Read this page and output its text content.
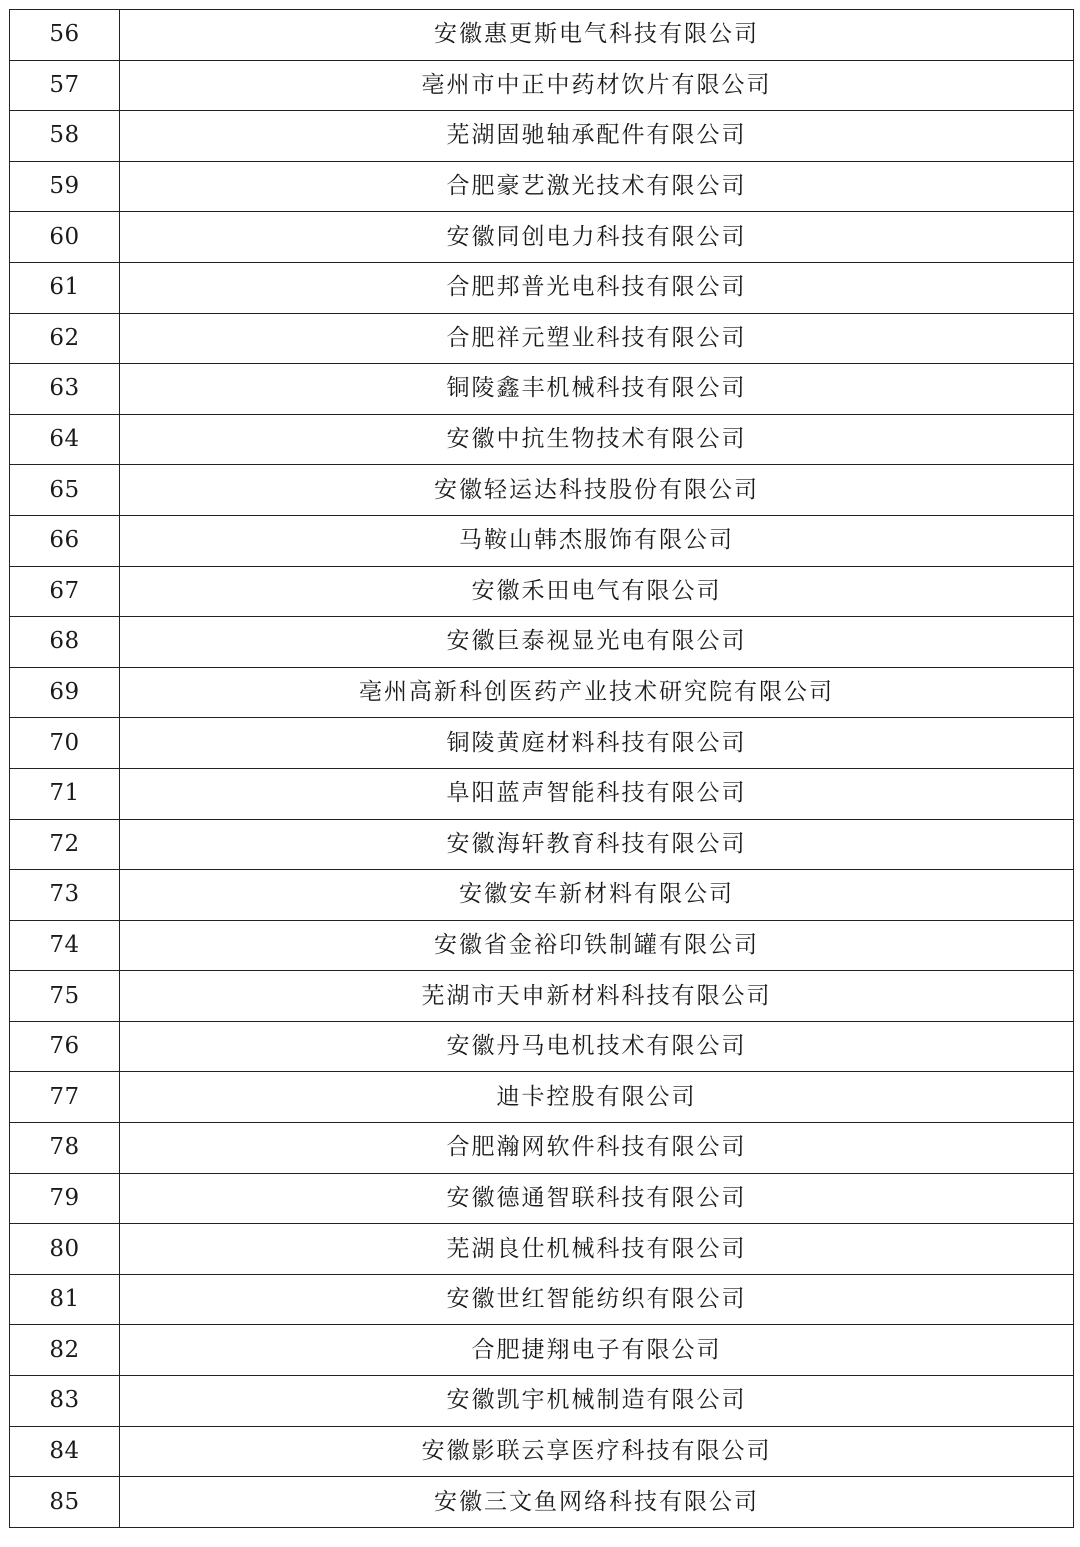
56	安徽惠更斯电气科技有限公司
57	亳州市中正中药材饮片有限公司
58	芜湖固驰轴承配件有限公司
59	合肥豪艺激光技术有限公司
60	安徽同创电力科技有限公司
61	合肥邦普光电科技有限公司
62	合肥祥元塑业科技有限公司
63	铜陵鑫丰机械科技有限公司
64	安徽中抗生物技术有限公司
65	安徽轻运达科技股份有限公司
66	马鞍山韩杰服饰有限公司
67	安徽禾田电气有限公司
68	安徽巨泰视显光电有限公司
69	亳州高新科创医药产业技术研究院有限公司
70	铜陵黄庭材料科技有限公司
71	阜阳蓝声智能科技有限公司
72	安徽海轩教育科技有限公司
73	安徽安车新材料有限公司
74	安徽省金裕印铁制罐有限公司
75	芜湖市天申新材料科技有限公司
76	安徽丹马电机技术有限公司
77	迪卡控股有限公司
78	合肥瀚网软件科技有限公司
79	安徽德通智联科技有限公司
80	芜湖良仕机械科技有限公司
81	安徽世红智能纺织有限公司
82	合肥捷翔电子有限公司
83	安徽凯宇机械制造有限公司
84	安徽影联云享医疗科技有限公司
85	安徽三文鱼网络科技有限公司
